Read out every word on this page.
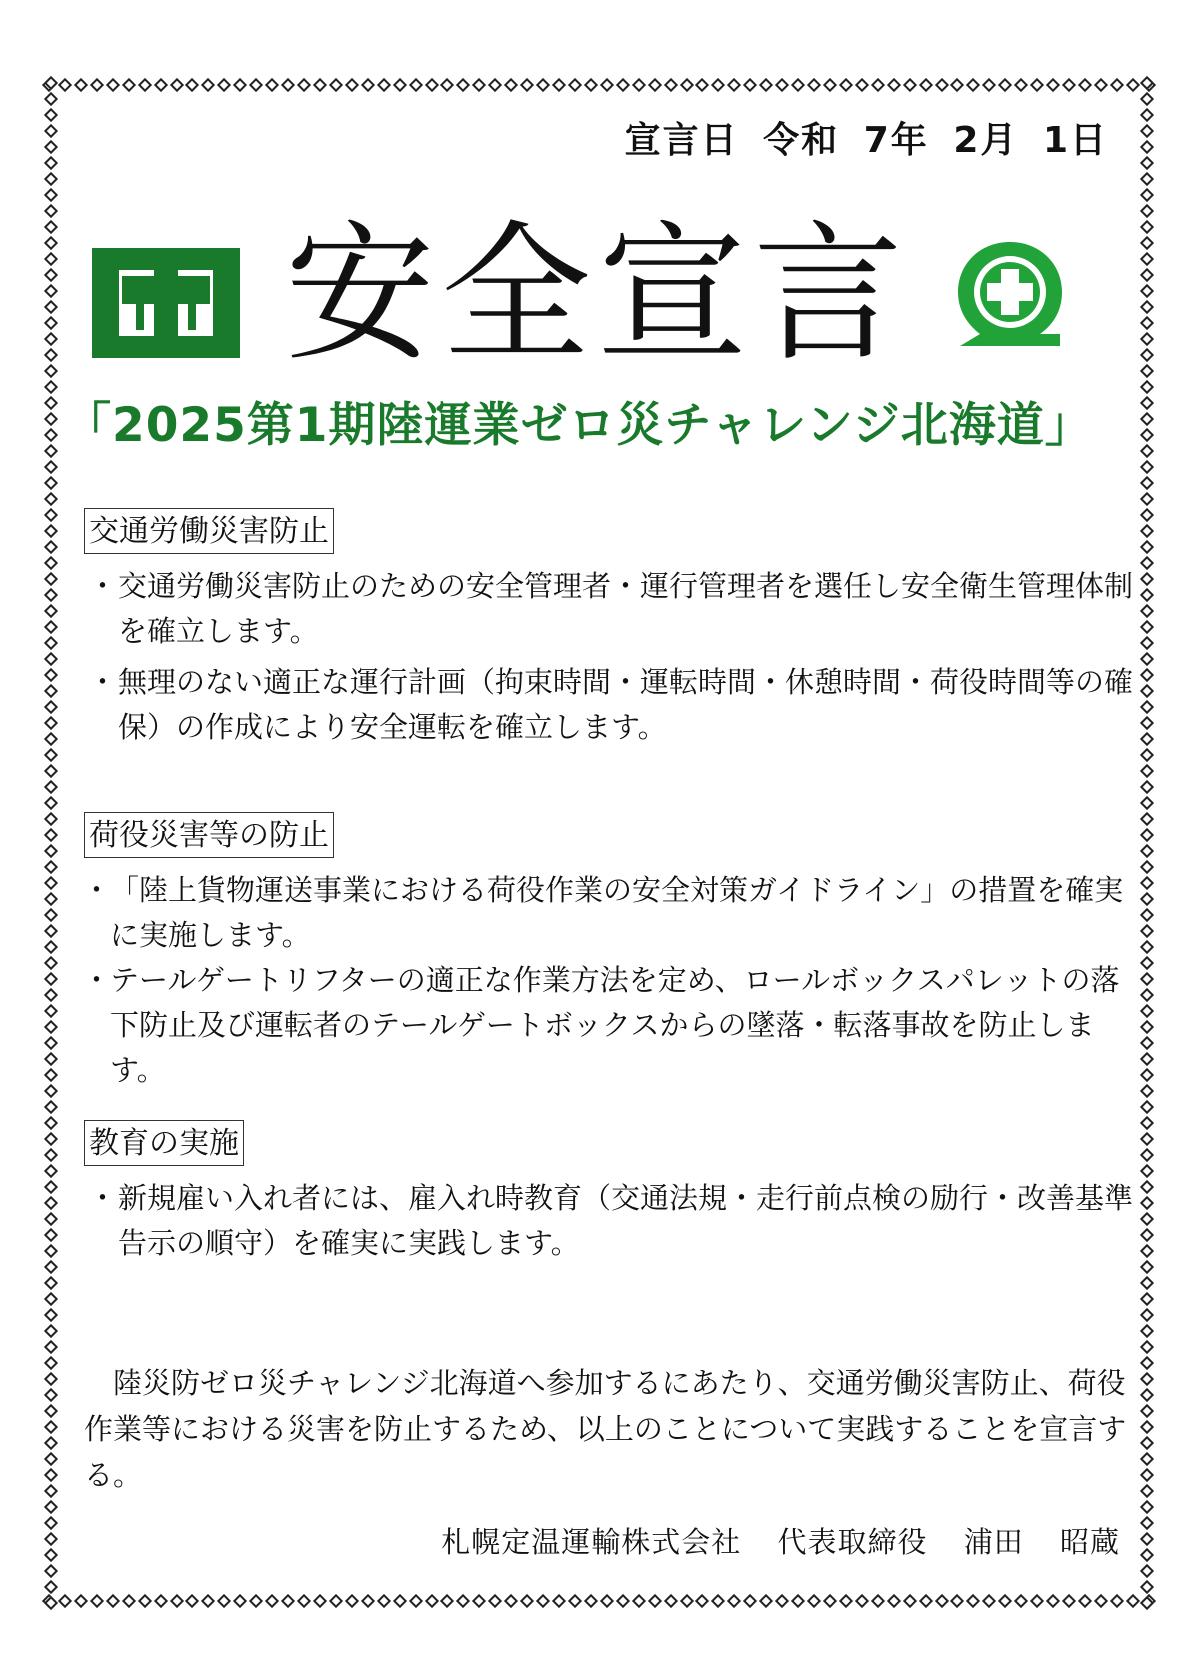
宣言日 令和 7年 2月 1日
安全宣言
「2025第1期陸運業ゼロ災チャレンジ北海道」
交通労働災害防止
・ 交通労働災害防止のための安全管理者・運行管理者を選任し安全衛生管理体制を確立します。
・ 無理のない適正な運行計画（拘束時間・運転時間・休憩時間・荷役時間等の確保）の作成により安全運転を確立します。
荷役災害等の防止
・ 「陸上貨物運送事業における荷役作業の安全対策ガイドライン」の措置を確実に実施します。
・ テールゲートリフターの適正な作業方法を定め、ロールボックスパレットの落下防止及び運転者のテールゲートボックスからの墜落・転落事故を防止します。
教育の実施
・ 新規雇い入れ者には、雇入れ時教育（交通法規・走行前点検の励行・改善基準告示の順守）を確実に実践します。
陸災防ゼロ災チャレンジ北海道へ参加するにあたり、交通労働災害防止、荷役作業等における災害を防止するため、以上のことについて実践することを宣言する。
札幌定温運輸株式会社 代表取締役 浦田 昭蔵
